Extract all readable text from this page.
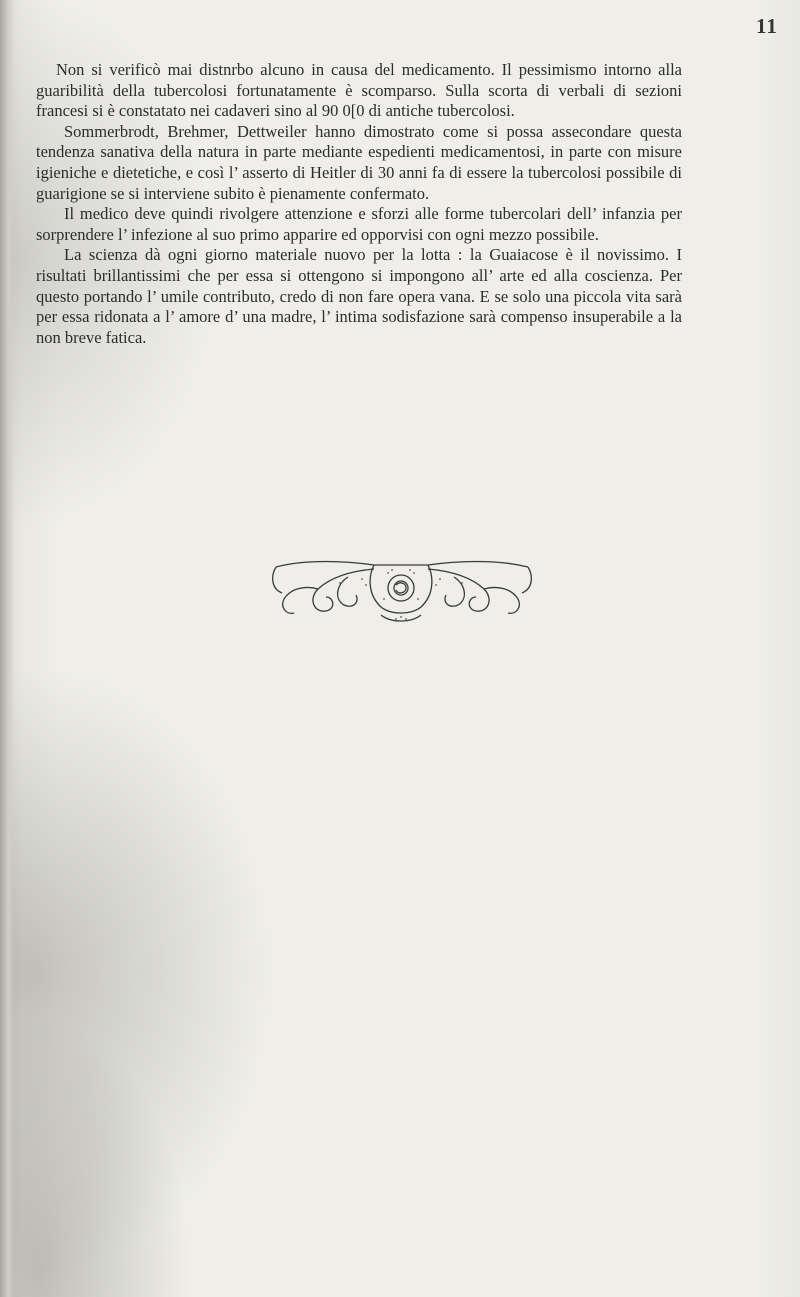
11

Non si verificò mai distnrbo alcuno in causa del medicamento. Il pessimismo intorno alla guaribilità della tubercolosi fortunatamente è scomparso. Sulla scorta di verbali di sezioni francesi si è constatato nei cadaveri sino al 90 0[0 di antiche tubercolosi.

Sommerbrodt, Brehmer, Dettweiler hanno dimostrato come si possa assecondare questa tendenza sanativa della natura in parte mediante espedienti medicamentosi, in parte con misure igieniche e dietetiche, e così l’ asserto di Heitler di 30 anni fa di essere la tubercolosi possibile di guarigione se si interviene subito è pienamente confermato.

Il medico deve quindi rivolgere attenzione e sforzi alle forme tubercolari dell’ infanzia per sorprendere l’ infezione al suo primo apparire ed opporvisi con ogni mezzo possibile.

La scienza dà ogni giorno materiale nuovo per la lotta : la Guaiacose è il novissimo. I risultati brillantissimi che per essa si ottengono si impongono all’ arte ed alla coscienza. Per questo portando l’ umile contributo, credo di non fare opera vana. E se solo una piccola vita sarà per essa ridonata a l’ amore d’ una madre, l’ intima sodisfazione sarà compenso insuperabile a la non breve fatica.
